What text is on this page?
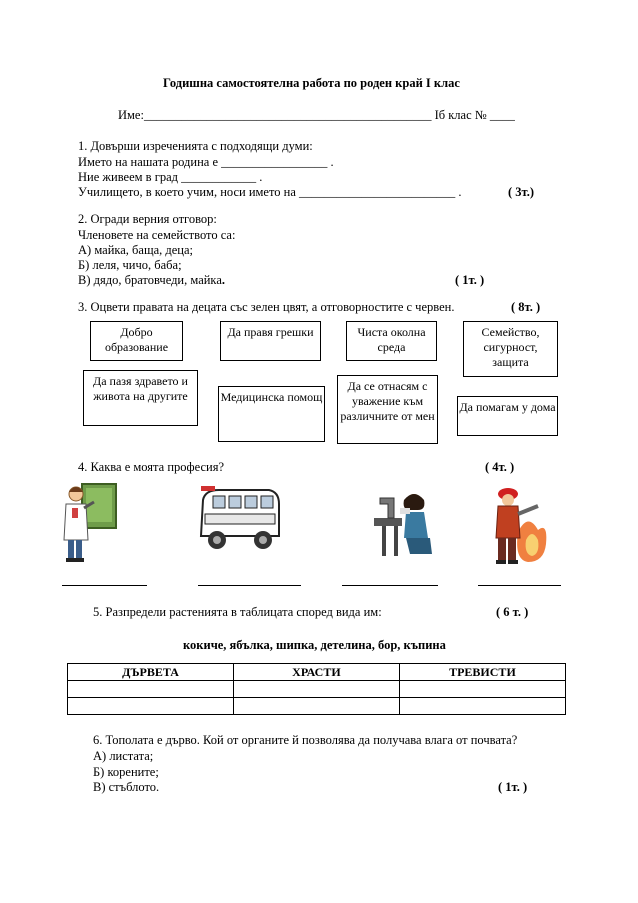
Годишна самостоятелна работа по роден край I клас
Име:______________________________________________ Iб клас № ____
1. Довърши изреченията с подходящи думи:
Името на нашата родина е _________________ .
Ние живеем в град ____________ .
Училището, в което учим, носи името на _________________________ .	( 3т.)
2. Огради верния отговор:
Членовете на семейството са:
А) майка, баща, деца;
Б) леля, чичо, баба;
В) дядо, братовчеди, майка.	( 1т. )
3. Оцвети правата на децата със зелен цвят, а отговорностите с червен.	( 8т. )
Добро образование
Да правя грешки	Чиста околна среда
Семейство, сигурност, защита
Да пазя здравето и живота на другите	Медицинска помощ
Да се отнасям с уважение към различните от мен
Да помагам у дома
4. Каква е моята професия?	( 4т. )
5. Разпредели растенията в таблицата според вида им:	( 6 т. )
кокиче, ябълка, шипка, детелина, бор, къпина
ДЪРВЕТА	ХРАСТИ	ТРЕВИСТИ

6. Тополата е дърво. Кой от органите й позволява да получава влага от почвата?
А) листата;
Б) корените;
В) стъблото.	( 1т. )
